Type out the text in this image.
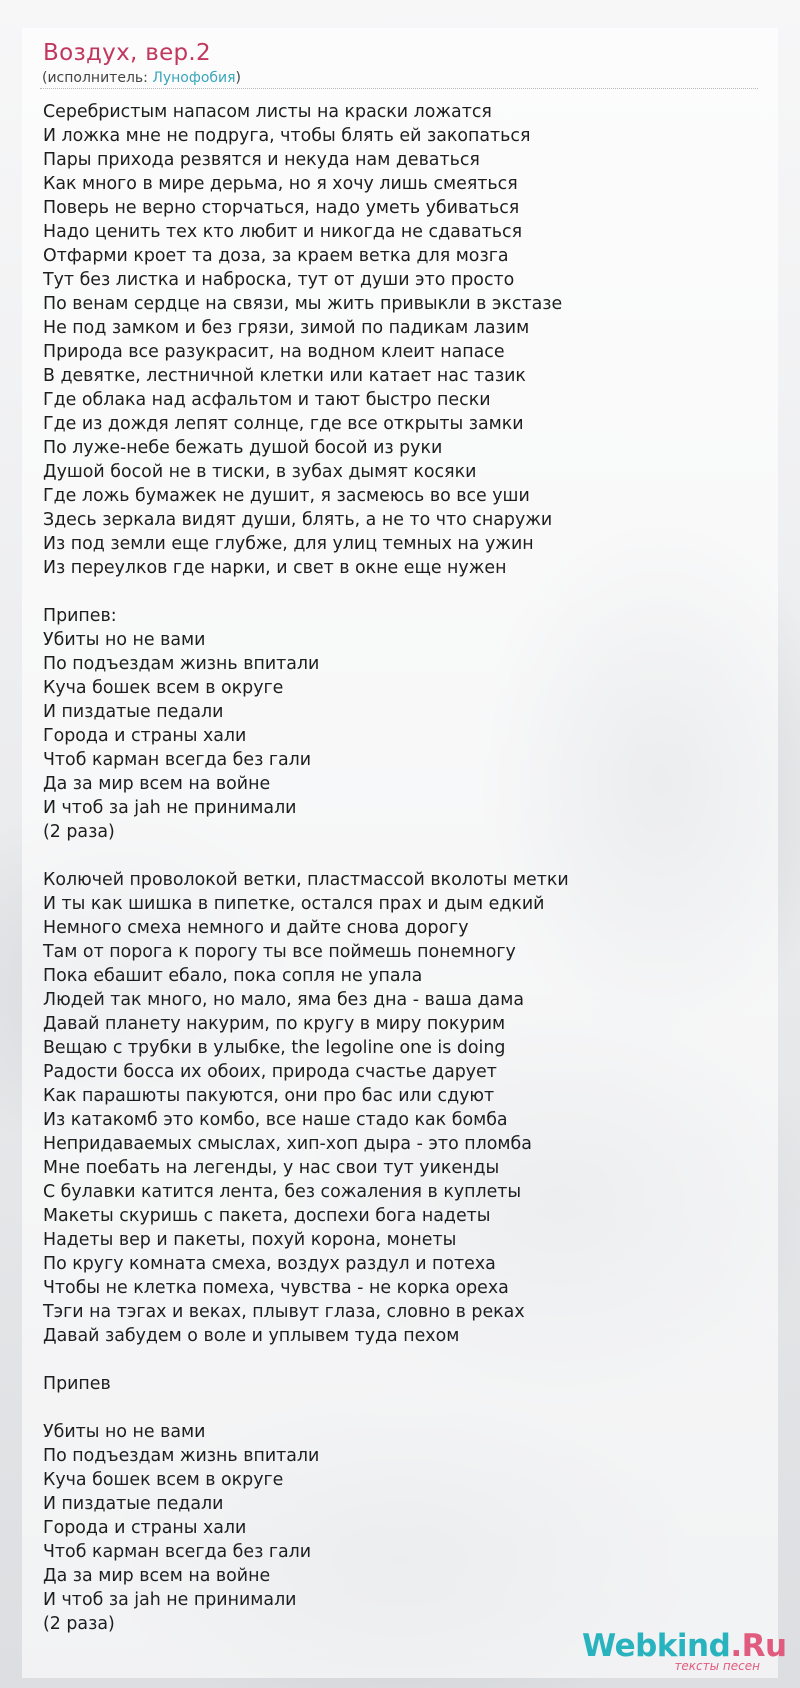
Воздух, вер.2
(исполнитель: Лунофобия)
Серебристым напасом листы на краски ложатся
И ложка мне не подруга, чтобы блять ей закопаться
Пары прихода резвятся и некуда нам деваться
Как много в мире дерьма, но я хочу лишь смеяться
Поверь не верно сторчаться, надо уметь убиваться
Надо ценить тех кто любит и никогда не сдаваться
Отфарми кроет та доза, за краем ветка для мозга
Тут без листка и наброска, тут от души это просто
По венам сердце на связи, мы жить привыкли в экстазе
Не под замком и без грязи, зимой по падикам лазим
Природа все разукрасит, на водном клеит напасе
В девятке, лестничной клетки или катает нас тазик
Где облака над асфальтом и тают быстро пески
Где из дождя лепят солнце, где все открыты замки
По луже-небе бежать душой босой из руки
Душой босой не в тиски, в зубах дымят косяки
Где ложь бумажек не душит, я засмеюсь во все уши
Здесь зеркала видят души, блять, а не то что снаружи
Из под земли еще глубже, для улиц темных на ужин
Из переулков где нарки, и свет в окне еще нужен
Припев:
Убиты но не вами
По подъездам жизнь впитали
Куча бошек всем в округе
И пиздатые педали
Города и страны хали
Чтоб карман всегда без гали
Да за мир всем на войне
И чтоб за jah не принимали
(2 раза)
Колючей проволокой ветки, пластмассой вколоты метки
И ты как шишка в пипетке, остался прах и дым едкий
Немного смеха немного и дайте снова дорогу
Там от порога к порогу ты все поймешь понемногу
Пока ебашит ебало, пока сопля не упала
Людей так много, но мало, яма без дна - ваша дама
Давай планету накурим, по кругу в миру покурим
Вещаю с трубки в улыбке, the legoline one is doing
Радости босса их обоих, природа счастье дарует
Как парашюты пакуются, они про бас или сдуют
Из катакомб это комбо, все наше стадо как бомба
Непридаваемых смыслах, хип-хоп дыра - это пломба
Мне поебать на легенды, у нас свои тут уикенды
С булавки катится лента, без сожаления в куплеты
Макеты скуришь с пакета, доспехи бога надеты
Надеты вер и пакеты, похуй корона, монеты
По кругу комната смеха, воздух раздул и потеха
Чтобы не клетка помеха, чувства - не корка ореха
Тэги на тэгах и веках, плывут глаза, словно в реках
Давай забудем о воле и уплывем туда пехом
Припев
Убиты но не вами
По подъездам жизнь впитали
Куча бошек всем в округе
И пиздатые педали
Города и страны хали
Чтоб карман всегда без гали
Да за мир всем на войне
И чтоб за jah не принимали
(2 раза)
Webkind.Ru
тексты песен
